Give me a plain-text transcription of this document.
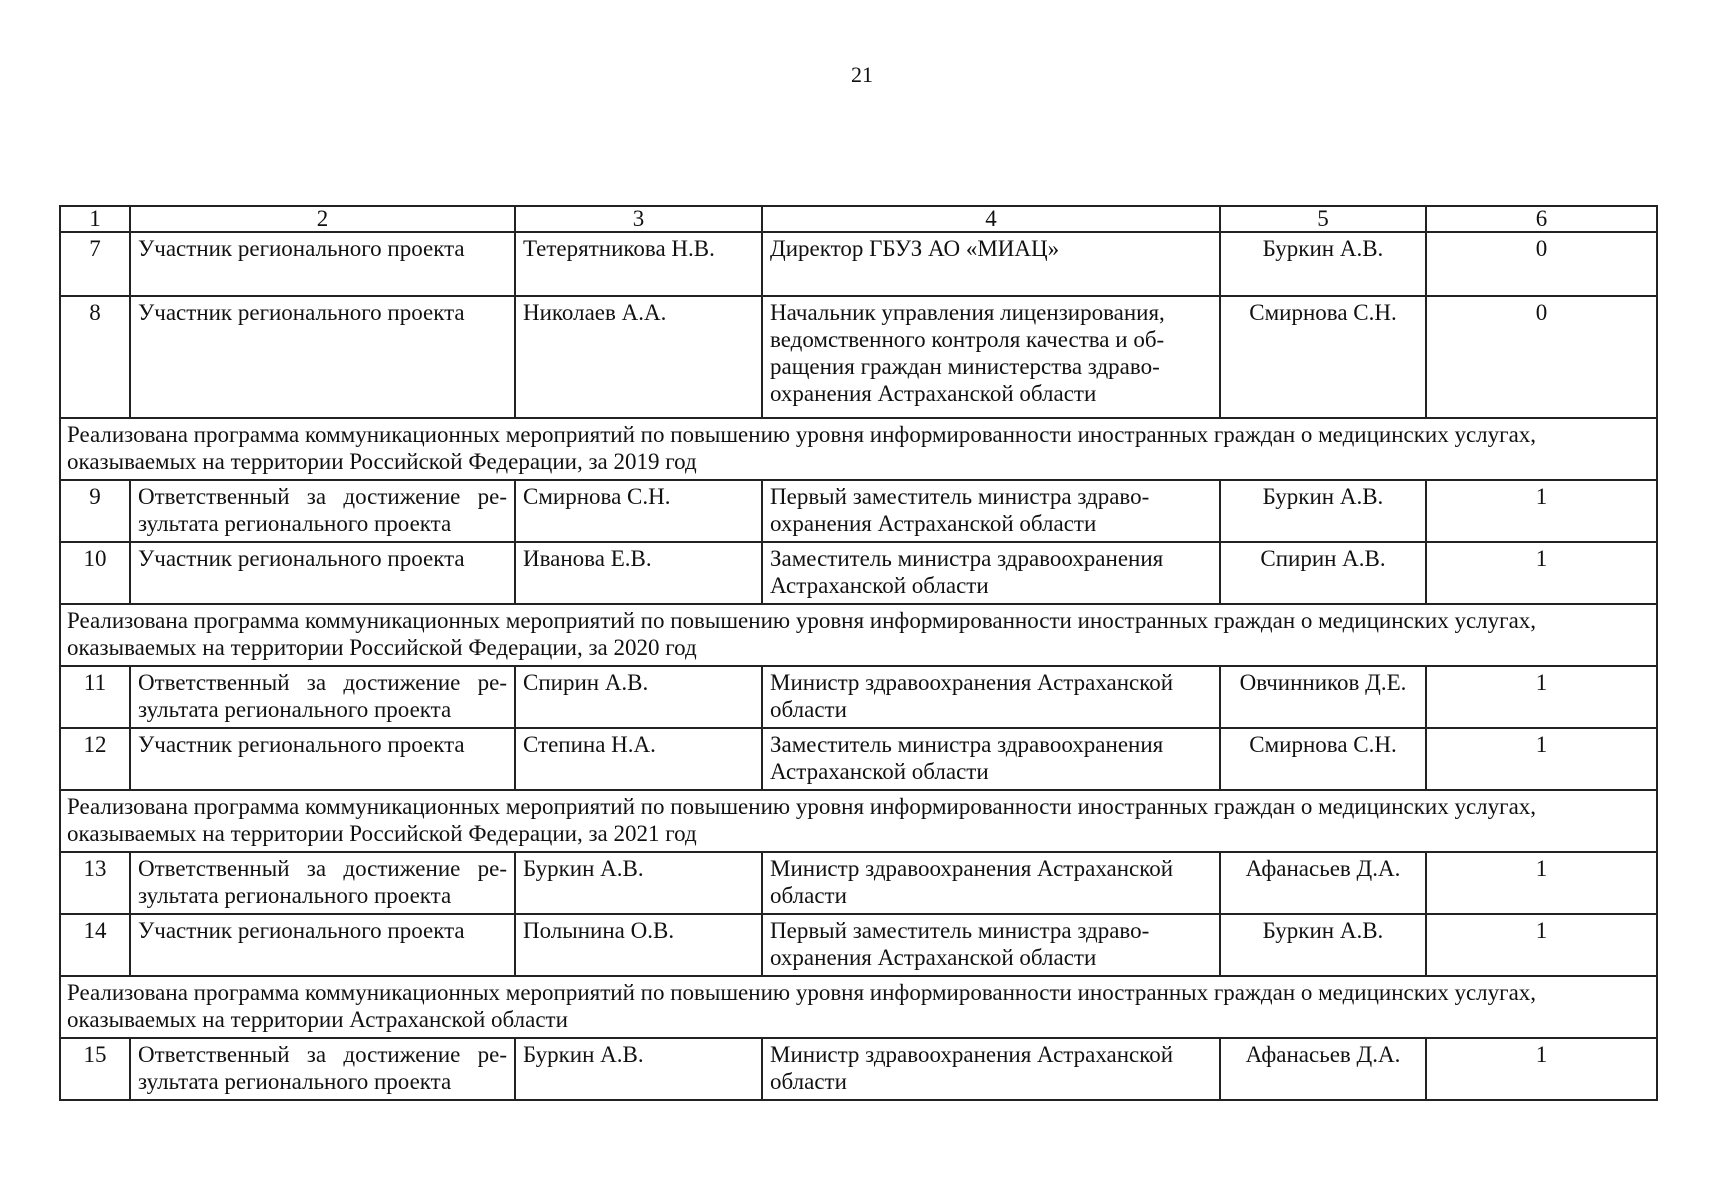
21
1	2	3	4	5	6
7	Участник регионального проекта	Тетерятникова Н.В.	Директор ГБУЗ АО «МИАЦ»	Буркин А.В.	0
8	Участник регионального проекта	Николаев А.А.	Начальник управления лицензирования, ведомственного контроля качества и об-ращения граждан министерства здраво-охранения Астраханской области	Смирнова С.Н.	0
Реализована программа коммуникационных мероприятий по повышению уровня информированности иностранных граждан о медицинских услугах, оказываемых на территории Российской Федерации, за 2019 год					
9	Ответственный за достижение ре-зультата регионального проекта	Смирнова С.Н.	Первый заместитель министра здраво-охранения Астраханской области	Буркин А.В.	1
10	Участник регионального проекта	Иванова Е.В.	Заместитель министра здравоохранения Астраханской области	Спирин А.В.	1
Реализована программа коммуникационных мероприятий по повышению уровня информированности иностранных граждан о медицинских услугах, оказываемых на территории Российской Федерации, за 2020 год					
11	Ответственный за достижение ре-зультата регионального проекта	Спирин А.В.	Министр здравоохранения Астраханской области	Овчинников Д.Е.	1
12	Участник регионального проекта	Степина Н.А.	Заместитель министра здравоохранения Астраханской области	Смирнова С.Н.	1
Реализована программа коммуникационных мероприятий по повышению уровня информированности иностранных граждан о медицинских услугах, оказываемых на территории Российской Федерации, за 2021 год					
13	Ответственный за достижение ре-зультата регионального проекта	Буркин А.В.	Министр здравоохранения Астраханской области	Афанасьев Д.А.	1
14	Участник регионального проекта	Полынина О.В.	Первый заместитель министра здраво-охранения Астраханской области	Буркин А.В.	1
Реализована программа коммуникационных мероприятий по повышению уровня информированности иностранных граждан о медицинских услугах, оказываемых на территории Астраханской области					
15	Ответственный за достижение ре-зультата регионального проекта	Буркин А.В.	Министр здравоохранения Астраханской области	Афанасьев Д.А.	1
